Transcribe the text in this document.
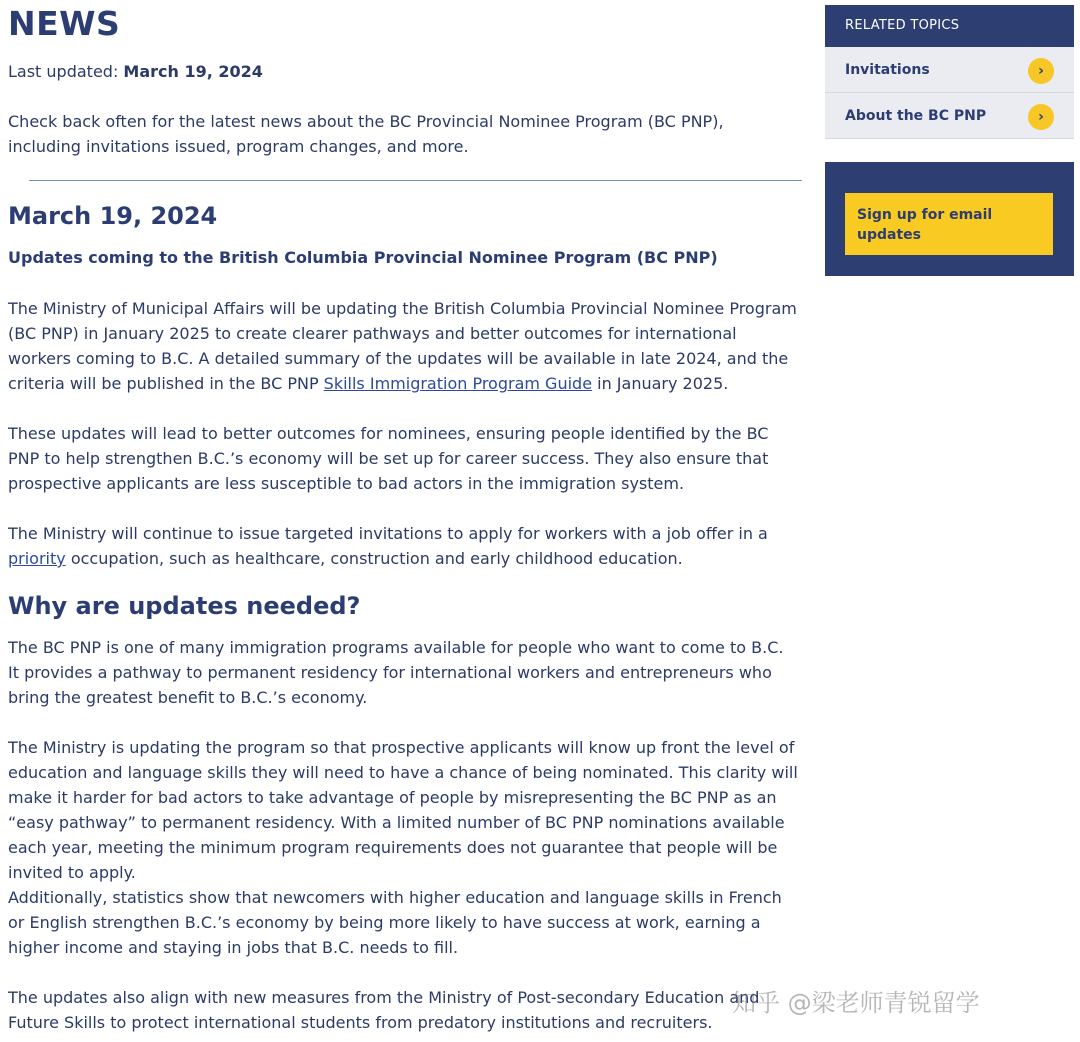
NEWS
Last updated: March 19, 2024

Check back often for the latest news about the BC Provincial Nominee Program (BC PNP), including invitations issued, program changes, and more.

March 19, 2024
Updates coming to the British Columbia Provincial Nominee Program (BC PNP)

The Ministry of Municipal Affairs will be updating the British Columbia Provincial Nominee Program (BC PNP) in January 2025 to create clearer pathways and better outcomes for international workers coming to B.C. A detailed summary of the updates will be available in late 2024, and the criteria will be published in the BC PNP Skills Immigration Program Guide in January 2025.

These updates will lead to better outcomes for nominees, ensuring people identified by the BC PNP to help strengthen B.C.’s economy will be set up for career success. They also ensure that prospective applicants are less susceptible to bad actors in the immigration system.

The Ministry will continue to issue targeted invitations to apply for workers with a job offer in a priority occupation, such as healthcare, construction and early childhood education.

Why are updates needed?

The BC PNP is one of many immigration programs available for people who want to come to B.C. It provides a pathway to permanent residency for international workers and entrepreneurs who bring the greatest benefit to B.C.’s economy.

The Ministry is updating the program so that prospective applicants will know up front the level of education and language skills they will need to have a chance of being nominated. This clarity will make it harder for bad actors to take advantage of people by misrepresenting the BC PNP as an “easy pathway” to permanent residency. With a limited number of BC PNP nominations available each year, meeting the minimum program requirements does not guarantee that people will be invited to apply.

Additionally, statistics show that newcomers with higher education and language skills in French or English strengthen B.C.’s economy by being more likely to have success at work, earning a higher income and staying in jobs that B.C. needs to fill.

The updates also align with new measures from the Ministry of Post-secondary Education and Future Skills to protect international students from predatory institutions and recruiters.

RELATED TOPICS
Invitations	›
About the BC PNP	›
Sign up for email updates
知乎 @梁老师青锐留学
